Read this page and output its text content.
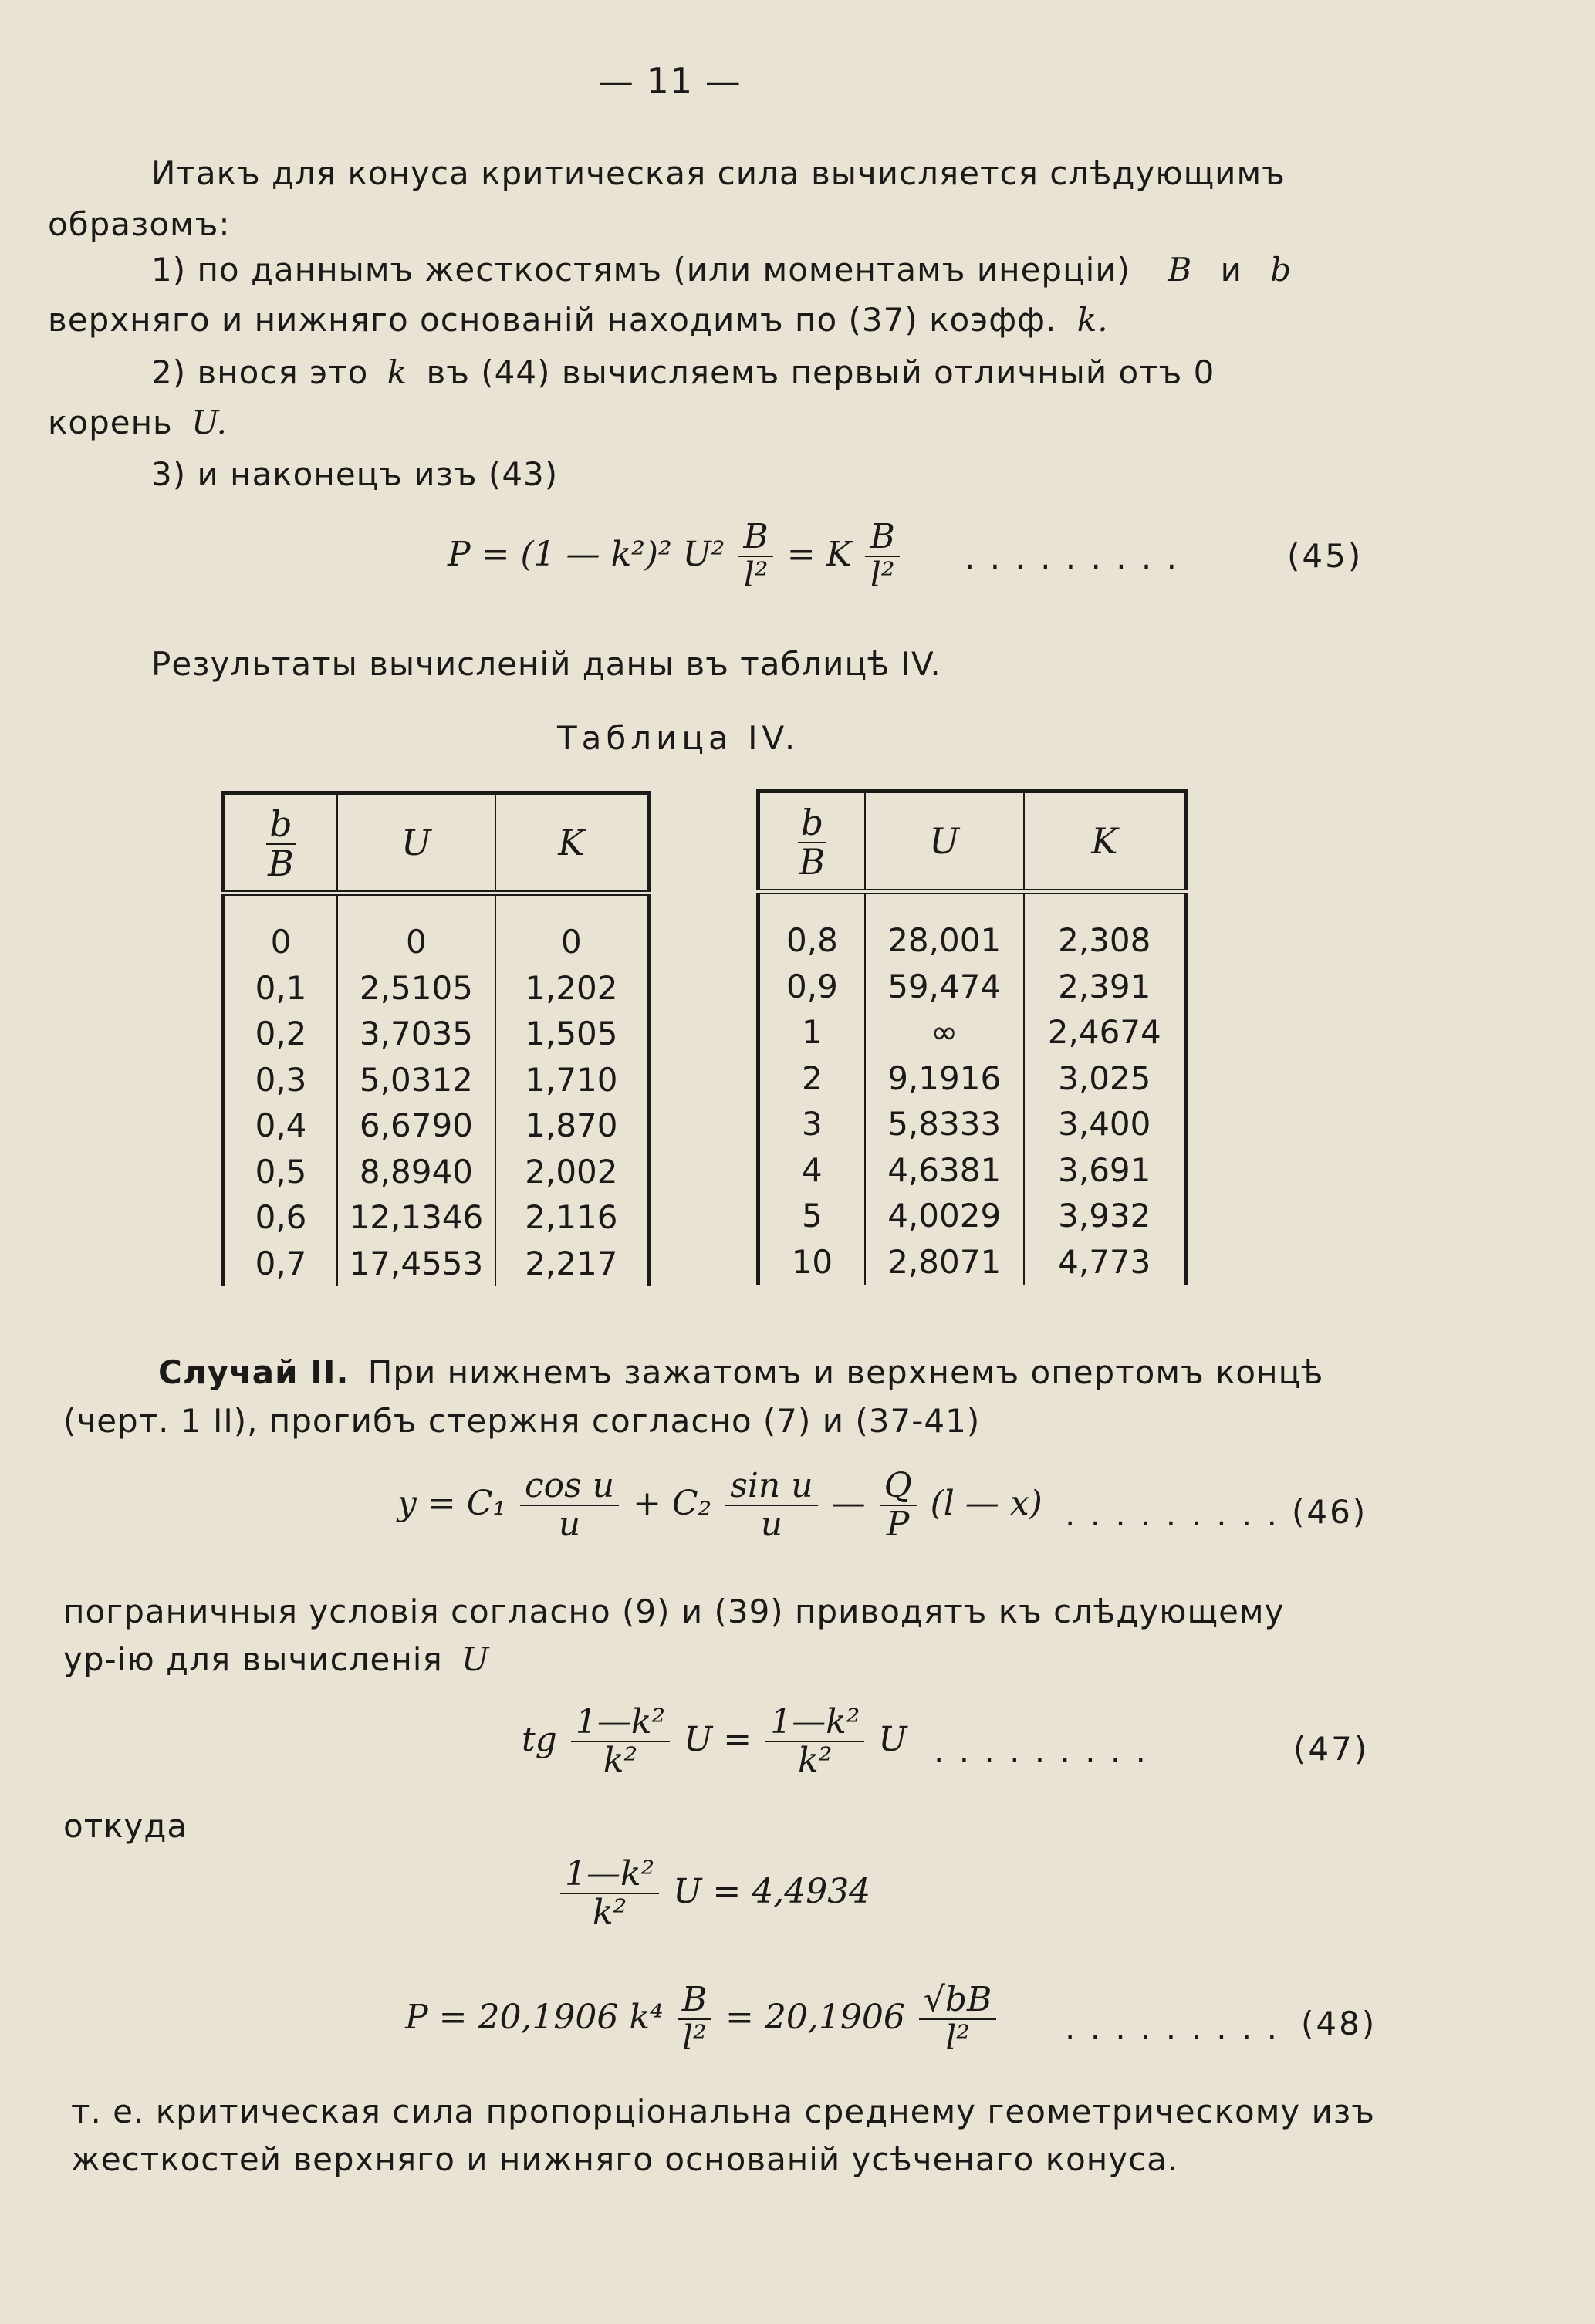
— 11 —
Итакъ для конуса критическая сила вычисляется слѣдующимъ
образомъ:
1) по даннымъ жесткостямъ (или моментамъ инерціи) B и b
верхняго и нижняго основаній находимъ по (37) коэфф. k.
2) внося это k въ (44) вычисляемъ первый отличный отъ 0
корень U.
3) и наконецъ изъ (43)
P = (1 — k²)² $U^2 \frac{B}{\text{l²}} = K \frac{B}{\text{l²}}$ . . . . . . . . .	(45)
Результаты вычисленій даны въ таблицѣ IV.
Таблица IV.
$\frac{b}{B}$	U	K
0	0	0
0,1	2,5105	1,202
0,2	3,7035	1,505
0,3	5,0312	1,710
0,4	6,6790	1,870
0,5	8,8940	2,002
0,6	12,1346	2,116
0,7	17,4553	2,217
$\frac{b}{B}$	U	K
0,8	28,001	2,308
0,9	59,474	2,391
1	∞	2,4674
2	9,1916	3,025
3	5,8333	3,400
4	4,6381	3,691
5	4,0029	3,932
10	2,8071	4,773
Случай II. При нижнемъ зажатомъ и верхнемъ опертомъ концѣ
(черт. 1 II), прогибъ стержня согласно (7) и (37-41)
$y = C_1 \frac{\text{cos u}}{u} + C_2 \frac{\text{sin u}}{u}$ — $\frac{Q}{P} (l$ — x) . . . . . . . . . (46)
пограничныя условія согласно (9) и (39) приводятъ къ слѣдующему
ур-ію для вычисленія U
tg $\frac{\text{1—k²}}{\text{k²}}$ $U = \frac{\text{1—k²}}{\text{k²}}$ U . . . . . . . . .	(47)
откуда
$\frac{\text{1—k²}}{\text{k²}}$ U = 4,4934
P = 20,1906 $k^4 \frac{B}{\text{l²}} = 20,1906 \frac{√bB}{\text{l²}}$ . . . . . . . . . (48)
т. е. критическая сила пропорціональна среднему геометрическому изъ
жесткостей верхняго и нижняго основаній усѣченаго конуса.
